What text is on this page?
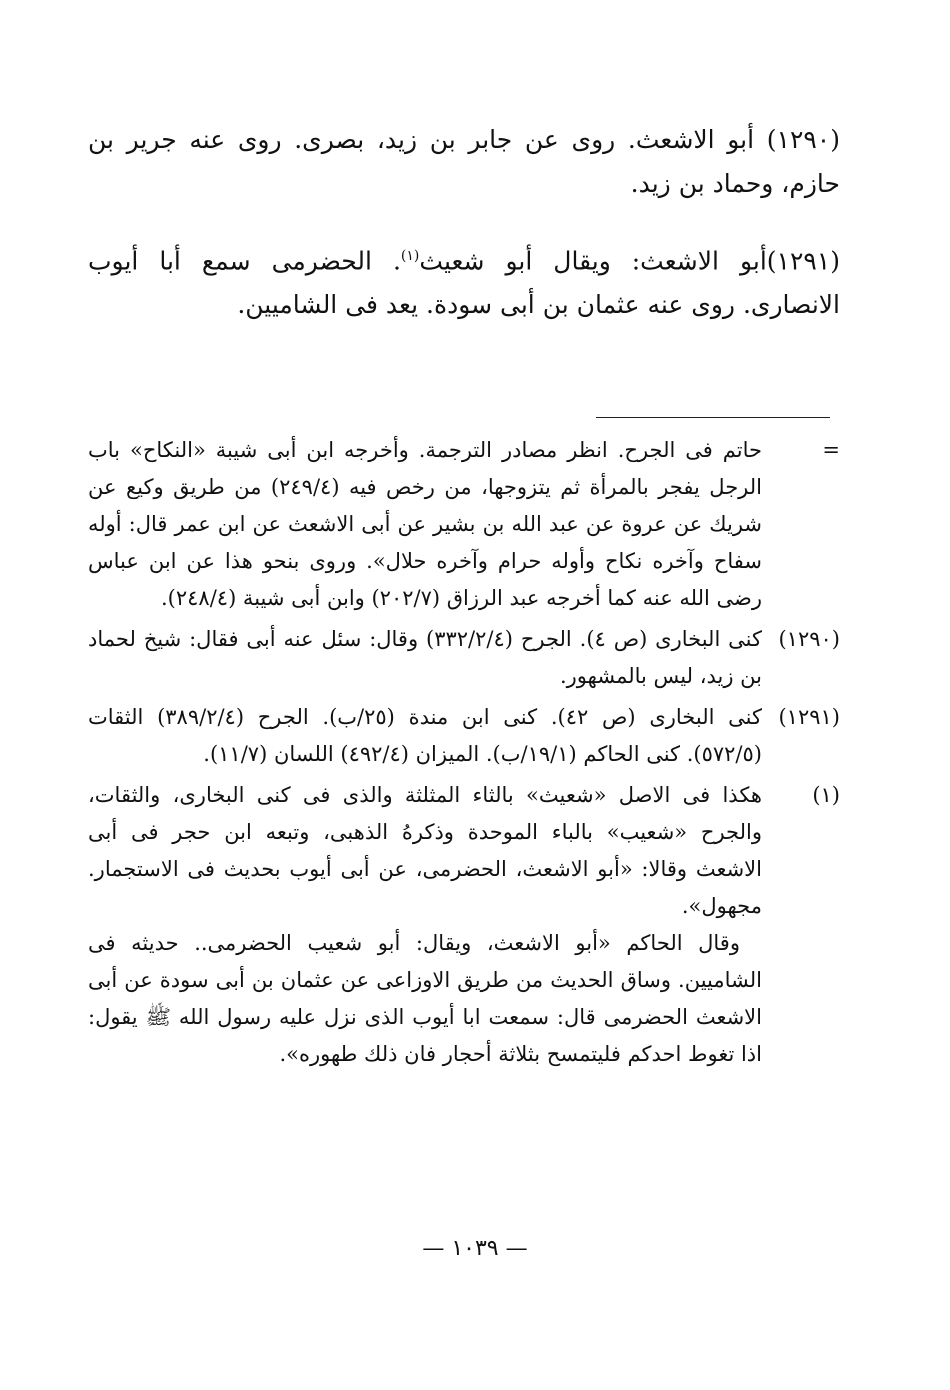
(١٢٩٠) أبو الاشعث. روى عن جابر بن زيد، بصرى. روى عنه جرير بن حازم، وحماد بن زيد.

(١٢٩١)أبو الاشعث: ويقال أبو شعيث$^{(١)}$. الحضرمى سمع أبا أيوب الانصارى. روى عنه عثمان بن أبى سودة. يعد فى الشاميين.

=

حاتم فى الجرح. انظر مصادر الترجمة. وأخرجه ابن أبى شيبة «النكاح» باب الرجل يفجر بالمرأة ثم يتزوجها، من رخص فيه (٢٤٩/٤) من طريق وكيع عن شريك عن عروة عن عبد الله بن بشير عن أبى الاشعث عن ابن عمر قال: أوله سفاح وآخره نكاح وأوله حرام وآخره حلال». وروى بنحو هذا عن ابن عباس رضى الله عنه كما أخرجه عبد الرزاق (٢٠٢/٧) وابن أبى شيبة (٢٤٨/٤).

(١٢٩٠)

كنى البخارى (ص ٤). الجرح (٣٣٢/٢/٤) وقال: سئل عنه أبى فقال: شيخ لحماد بن زيد، ليس بالمشهور.

(١٢٩١)

كنى البخارى (ص ٤٢). كنى ابن مندة (٢٥/ب). الجرح (٣٨٩/٢/٤) الثقات (٥٧٢/٥). كنى الحاكم (١٩/١/ب). الميزان (٤٩٢/٤) اللسان (١١/٧).

(١)

هكذا فى الاصل «شعيث» بالثاء المثلثة والذى فى كنى البخارى، والثقات، والجرح «شعيب» بالباء الموحدة وذكرهُ الذهبى، وتبعه ابن حجر فى أبى الاشعث وقالا: «أبو الاشعث، الحضرمى، عن أبى أيوب بحديث فى الاستجمار. مجهول».

وقال الحاكم «أبو الاشعث، ويقال: أبو شعيب الحضرمى.. حديثه فى الشاميين. وساق الحديث من طريق الاوزاعى عن عثمان بن أبى سودة عن أبى الاشعث الحضرمى قال: سمعت ابا أيوب الذى نزل عليه رسول الله ﷺ يقول: اذا تغوط احدكم فليتمسح بثلاثة أحجار فان ذلك طهوره».

— ١٠٣٩ —
